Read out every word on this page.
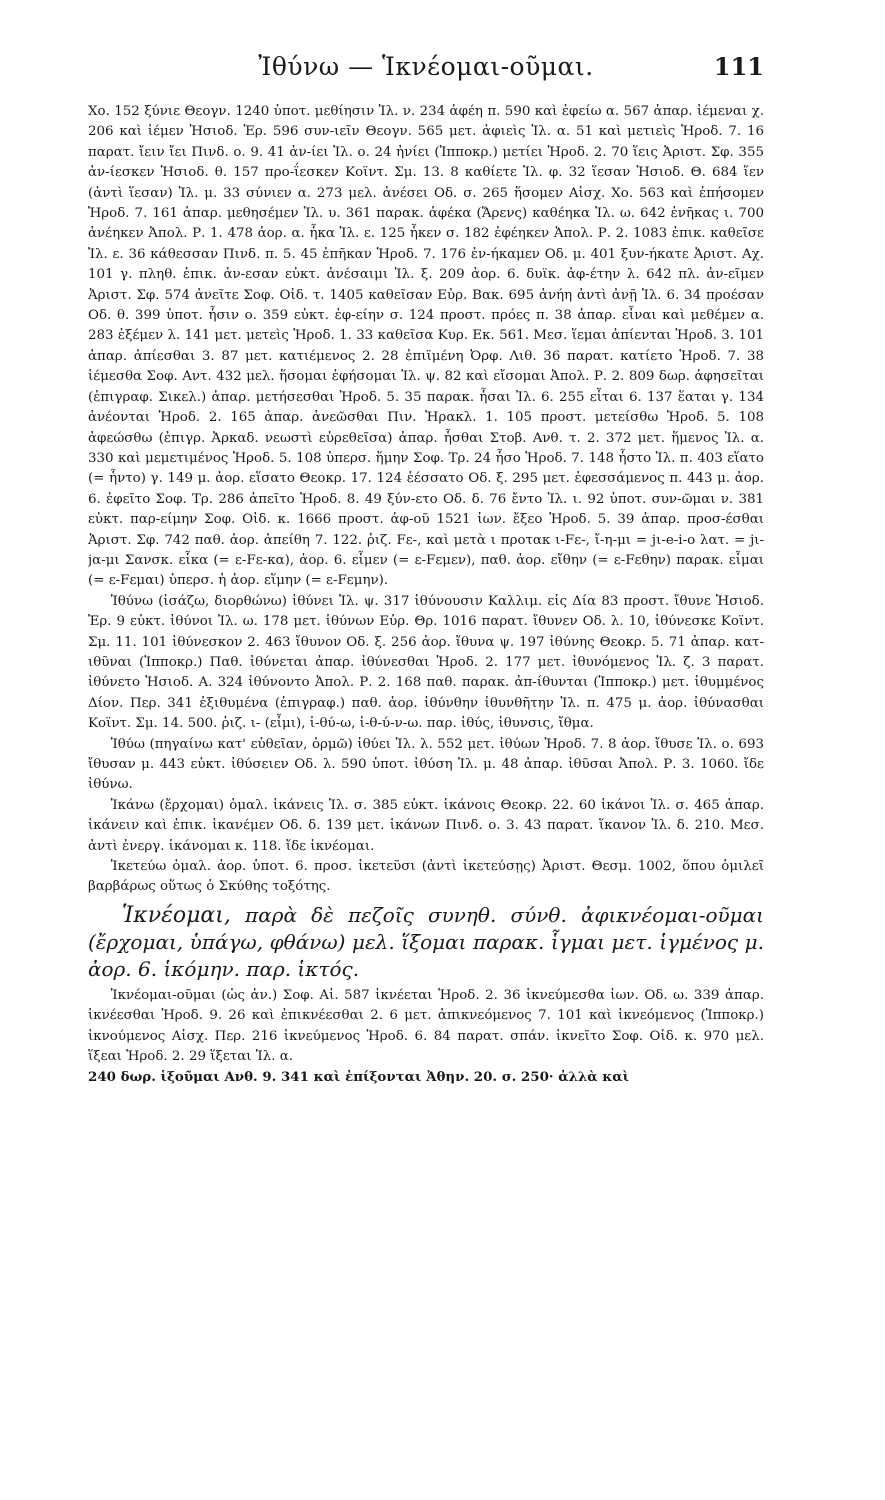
Ἰθύνω — Ἱκνέομαι-οῦμαι.	111

Χο. 152 ξύνιε Θεογν. 1240 ὑποτ. μεθίησιν Ἰλ. ν. 234 ἀφέη π. 590 καὶ ἐφείω α. 567 ἀπαρ. ἱέμεναι χ. 206 καὶ ἱέμεν Ἡσιοδ. Ἐρ. 596 συν-ιεῖν Θεογν. 565 μετ. ἀφιεὶς Ἰλ. α. 51 καὶ μετιεὶς Ἡροδ. 7. 16 παρατ. ἴειν ἴει Πινδ. ο. 9. 41 ἀν-ίει Ἰλ. ο. 24 ἠνίει (Ἱπποκρ.) μετίει Ἡροδ. 2. 70 ἵεις Ἀριστ. Σφ. 355 ἀν-ίεσκεν Ἡσιοδ. θ. 157 προ-ΐεσκεν Κοϊντ. Σμ. 13. 8 καθίετε Ἰλ. φ. 32 ἵεσαν Ἡσιοδ. Θ. 684 ἵεν (ἀντὶ ἵεσαν) Ἰλ. μ. 33 σύνιεν α. 273 μελ. ἀνέσει Οδ. σ. 265 ἥσομεν Αἰσχ. Χο. 563 καὶ ἐπήσομεν Ἡροδ. 7. 161 ἀπαρ. μεθησέμεν Ἰλ. υ. 361 παρακ. ἀφέκα (Ἄρενς) καθέηκα Ἰλ. ω. 642 ἐνῆκας ι. 700 ἀνέηκεν Ἀπολ. Ρ. 1. 478 ἀορ. α. ἧκα Ἰλ. ε. 125 ἧκεν σ. 182 ἐφέηκεν Ἀπολ. Ρ. 2. 1083 ἐπικ. καθεῖσε Ἰλ. ε. 36 κάθεσσαν Πινδ. π. 5. 45 ἐπῆκαν Ἡροδ. 7. 176 ἐν-ήκαμεν Οδ. μ. 401 ξυν-ήκατε Ἀριστ. Αχ. 101 γ. πληθ. ἐπικ. ἀν-εσαν εὐκτ. ἀνέσαιμι Ἰλ. ξ. 209 ἀορ. 6. δυϊκ. ἀφ-έτην λ. 642 πλ. ἀν-εῖμεν Ἀριστ. Σφ. 574 ἀνεῖτε Σοφ. Οἰδ. τ. 1405 καθεῖσαν Εὐρ. Βακ. 695 ἀνήη ἀντὶ ἀνῇ Ἰλ. 6. 34 προέσαν Οδ. θ. 399 ὑποτ. ἧσιν ο. 359 εὐκτ. ἐφ-είην σ. 124 προστ. πρόες π. 38 ἀπαρ. εἶναι καὶ μεθέμεν α. 283 ἐξέμεν λ. 141 μετ. μετεὶς Ἡροδ. 1. 33 καθεῖσα Κυρ. Εκ. 561. Μεσ. ἵεμαι ἀπίενται Ἡροδ. 3. 101 ἀπαρ. ἀπίεσθαι 3. 87 μετ. κατιέμενος 2. 28 ἐπιϊμένη Ὀρφ. Λιθ. 36 παρατ. κατίετο Ἡροδ. 7. 38 ἱέμεσθα Σοφ. Αντ. 432 μελ. ἥσομαι ἐφήσομαι Ἰλ. ψ. 82 καὶ εἴσομαι Ἀπολ. Ρ. 2. 809 δωρ. ἀφησεῖται (ἐπιγραφ. Σικελ.) ἀπαρ. μετήσεσθαι Ἡροδ. 5. 35 παρακ. ἧσαι Ἰλ. 6. 255 εἷται 6. 137 ἕαται γ. 134 ἀνέονται Ἡροδ. 2. 165 ἀπαρ. ἀνεῶσθαι Πιν. Ἡρακλ. 1. 105 προστ. μετείσθω Ἡροδ. 5. 108 ἀφεώσθω (ἐπιγρ. Ἀρκαδ. νεωστὶ εὑρεθεῖσα) ἀπαρ. ἧσθαι Στοβ. Ανθ. τ. 2. 372 μετ. ἥμενος Ἰλ. α. 330 καὶ μεμετιμένος Ἡροδ. 5. 108 ὑπερσ. ἥμην Σοφ. Τρ. 24 ἧσο Ἡροδ. 7. 148 ἧστο Ἰλ. π. 403 εἵατο (= ἧντο) γ. 149 μ. ἀορ. εἵσατο Θεοκρ. 17. 124 ἑέσσατο Οδ. ξ. 295 μετ. ἐφεσσάμενος π. 443 μ. ἀορ. 6. ἐφεῖτο Σοφ. Τρ. 286 ἀπεῖτο Ἡροδ. 8. 49 ξύν-ετο Οδ. δ. 76 ἔντο Ἰλ. ι. 92 ὑποτ. συν-ῶμαι ν. 381 εὐκτ. παρ-είμην Σοφ. Οἰδ. κ. 1666 προστ. ἀφ-οῦ 1521 ἰων. ἔξεο Ἡροδ. 5. 39 ἀπαρ. προσ-έσθαι Ἀριστ. Σφ. 742 παθ. ἀορ. ἀπείθη 7. 122. ῥιζ. Fε-, καὶ μετὰ ι προτακ ι-Fε-, ἴ-η-μι = jι-e-i-ο λατ. = jι-jα-μι Σανσκ. εἷκα (= ε-Fε-κα), ἀορ. 6. εἷμεν (= ε-Fεμεν), παθ. ἀορ. εἴθην (= ε-Fεθην) παρακ. εἷμαι (= ε-Fεμαι) ὑπερσ. ἡ ἀορ. εἵμην (= ε-Fεμην).

Ἰθύνω (ἰσάζω, διορθώνω) ἰθύνει Ἰλ. ψ. 317 ἰθύνουσιν Καλλιμ. εἰς Δία 83 προστ. ἴθυνε Ἡσιοδ. Ἐρ. 9 εὐκτ. ἰθύνοι Ἰλ. ω. 178 μετ. ἰθύνων Εὐρ. Θρ. 1016 παρατ. ἴθυνεν Οδ. λ. 10, ἰθύνεσκε Κοϊντ. Σμ. 11. 101 ἰθύνεσκον 2. 463 ἴθυνον Οδ. ξ. 256 ἀορ. ἴθυνα ψ. 197 ἰθύνης Θεοκρ. 5. 71 ἀπαρ. κατ-ιθῦναι (Ἱπποκρ.) Παθ. ἰθύνεται ἀπαρ. ἰθύνεσθαι Ἡροδ. 2. 177 μετ. ἰθυνόμενος Ἰλ. ζ. 3 παρατ. ἰθύνετο Ἡσιοδ. Α. 324 ἰθύνοντο Ἀπολ. Ρ. 2. 168 παθ. παρακ. ἀπ-ίθυνται (Ἱπποκρ.) μετ. ἰθυμμένος Δίον. Περ. 341 ἐξιθυμένα (ἐπιγραφ.) παθ. ἀορ. ἰθύνθην ἰθυνθῆτην Ἰλ. π. 475 μ. ἀορ. ἰθύνασθαι Κοϊντ. Σμ. 14. 500. ῥιζ. ι- (εἶμι), ἰ-θύ-ω, ἰ-θ-ύ-ν-ω. παρ. ἰθύς, ἰθυνσις, ἴθμα.

Ἰθύω (πηγαίνω κατ' εὐθεῖαν, ὁρμῶ) ἰθύει Ἰλ. λ. 552 μετ. ἰθύων Ἡροδ. 7. 8 ἀορ. ἴθυσε Ἰλ. ο. 693 ἴθυσαν μ. 443 εὐκτ. ἰθύσειεν Οδ. λ. 590 ὑποτ. ἰθύση Ἰλ. μ. 48 ἀπαρ. ἰθῦσαι Ἀπολ. Ρ. 3. 1060. ἴδε ἰθύνω.

Ἱκάνω (ἔρχομαι) ὁμαλ. ἱκάνεις Ἰλ. σ. 385 εὐκτ. ἱκάνοις Θεοκρ. 22. 60 ἱκάνοι Ἰλ. σ. 465 ἀπαρ. ἱκάνειν καὶ ἐπικ. ἱκανέμεν Οδ. δ. 139 μετ. ἱκάνων Πινδ. ο. 3. 43 παρατ. ἵκανον Ἰλ. δ. 210. Μεσ. ἀντὶ ἐνεργ. ἱκάνομαι κ. 118. ἴδε ἱκνέομαι.

Ἱκετεύω ὁμαλ. ἀορ. ὑποτ. 6. προσ. ἱκετεῦσι (ἀντὶ ἱκετεύσῃς) Ἀριστ. Θεσμ. 1002, ὅπου ὁμιλεῖ βαρβάρως οὕτως ὁ Σκύθης τοξότης.

Ἱκνέομαι, παρὰ δὲ πεζοῖς συνηθ. σύνθ. ἀφικνέομαι-οῦμαι (ἔρχομαι, ὑπάγω, φθάνω) μελ. ἵξομαι παρακ. ἷγμαι μετ. ἱγμένος μ. ἀορ. 6. ἱκόμην. παρ. ἱκτός.

Ἱκνέομαι-οῦμαι (ὡς ἀν.) Σοφ. Αἰ. 587 ἱκνέεται Ἡροδ. 2. 36 ἱκνεύμεσθα ἰων. Οδ. ω. 339 ἀπαρ. ἱκνέεσθαι Ἡροδ. 9. 26 καὶ ἐπικνέεσθαι 2. 6 μετ. ἀπικνεόμενος 7. 101 καὶ ἱκνεόμενος (Ἱπποκρ.) ἱκνούμενος Αἰσχ. Περ. 216 ἱκνεύμενος Ἡροδ. 6. 84 παρατ. σπάν. ἱκνεῖτο Σοφ. Οἰδ. κ. 970 μελ. ἵξεαι Ἡροδ. 2. 29 ἵξεται Ἰλ. α.

240 δωρ. ἱξοῦμαι Ανθ. 9. 341 καὶ ἐπίξονται Ἀθην. 20. σ. 250· ἀλλὰ καὶ
